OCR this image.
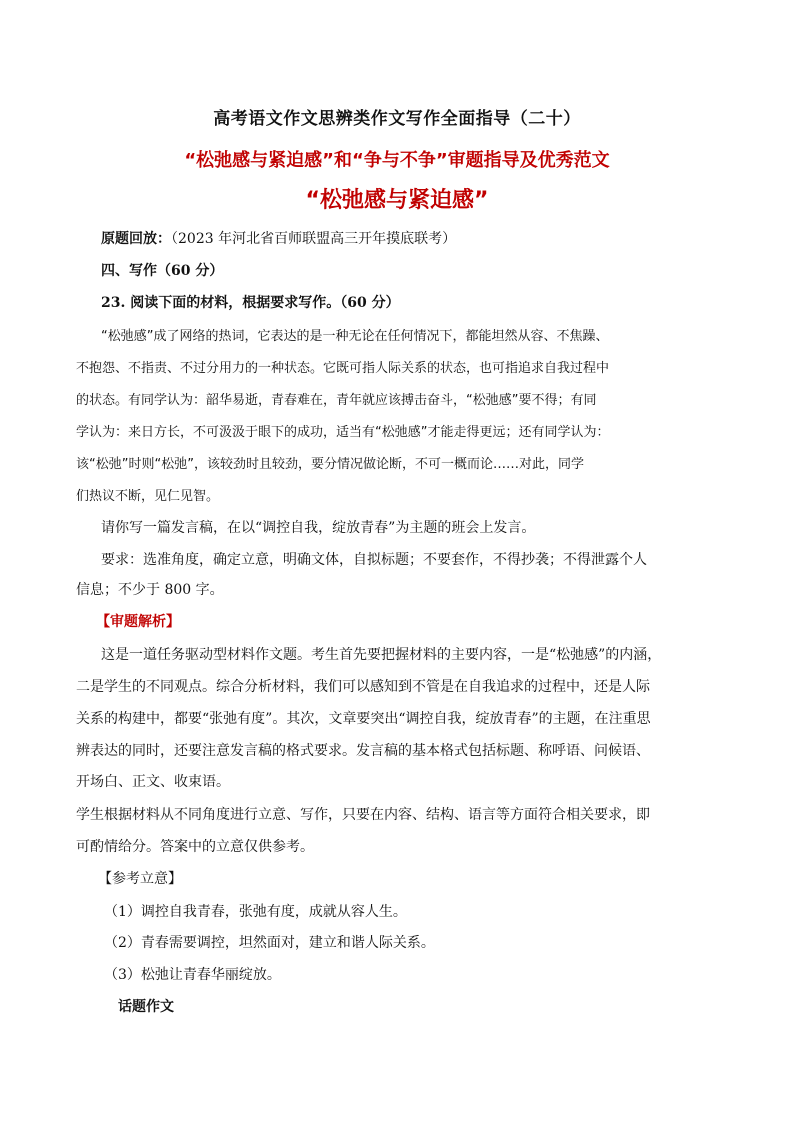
高考语文作文思辨类作文写作全面指导（二十）
“松弛感与紧迫感”和“争与不争”审题指导及优秀范文
“松弛感与紧迫感”
原题回放：（2023 年河北省百师联盟高三开年摸底联考）
四、写作（60 分）
23. 阅读下面的材料，根据要求写作。（60 分）
“松弛感”成了网络的热词，它表达的是一种无论在任何情况下，都能坦然从容、不焦躁、
不抱怨、不指责、不过分用力的一种状态。它既可指人际关系的状态，也可指追求自我过程中
的状态。有同学认为：韶华易逝，青春难在，青年就应该搏击奋斗，“松弛感”要不得；有同
学认为：来日方长，不可汲汲于眼下的成功，适当有“松弛感”才能走得更远；还有同学认为：
该“松弛”时则“松弛”，该较劲时且较劲，要分情况做论断，不可一概而论……对此，同学
们热议不断，见仁见智。
请你写一篇发言稿，在以“调控自我，绽放青春”为主题的班会上发言。
要求：选准角度，确定立意，明确文体，自拟标题；不要套作，不得抄袭；不得泄露个人
信息；不少于 800 字。
【审题解析】
这是一道任务驱动型材料作文题。考生首先要把握材料的主要内容，一是“松弛感”的内涵，
二是学生的不同观点。综合分析材料，我们可以感知到不管是在自我追求的过程中，还是人际
关系的构建中，都要“张弛有度”。其次，文章要突出“调控自我，绽放青春”的主题，在注重思
辨表达的同时，还要注意发言稿的格式要求。发言稿的基本格式包括标题、称呼语、问候语、
开场白、正文、收束语。
学生根据材料从不同角度进行立意、写作，只要在内容、结构、语言等方面符合相关要求，即
可酌情给分。答案中的立意仅供参考。
【参考立意】
（1）调控自我青春，张弛有度，成就从容人生。
（2）青春需要调控，坦然面对，建立和谐人际关系。
（3）松弛让青春华丽绽放。
话题作文
